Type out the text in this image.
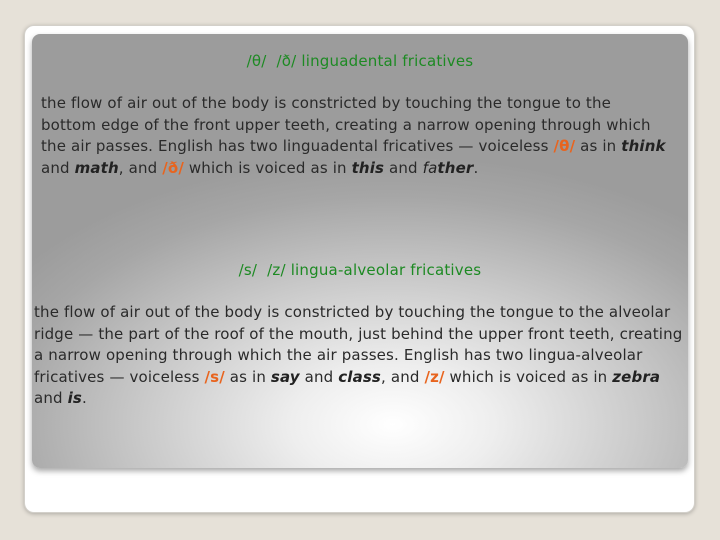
/θ/ /ð/ linguadental fricatives

the flow of air out of the body is constricted by touching the tongue to the bottom edge of the front upper teeth, creating a narrow opening through which the air passes. English has two linguadental fricatives — voiceless /θ/ as in think and math, and /ð/ which is voiced as in this and father.

/s/ /z/ lingua-alveolar fricatives

the flow of air out of the body is constricted by touching the tongue to the alveolar ridge — the part of the roof of the mouth, just behind the upper front teeth, creating a narrow opening through which the air passes. English has two lingua-alveolar fricatives — voiceless /s/ as in say and class, and /z/ which is voiced as in zebra and is.
